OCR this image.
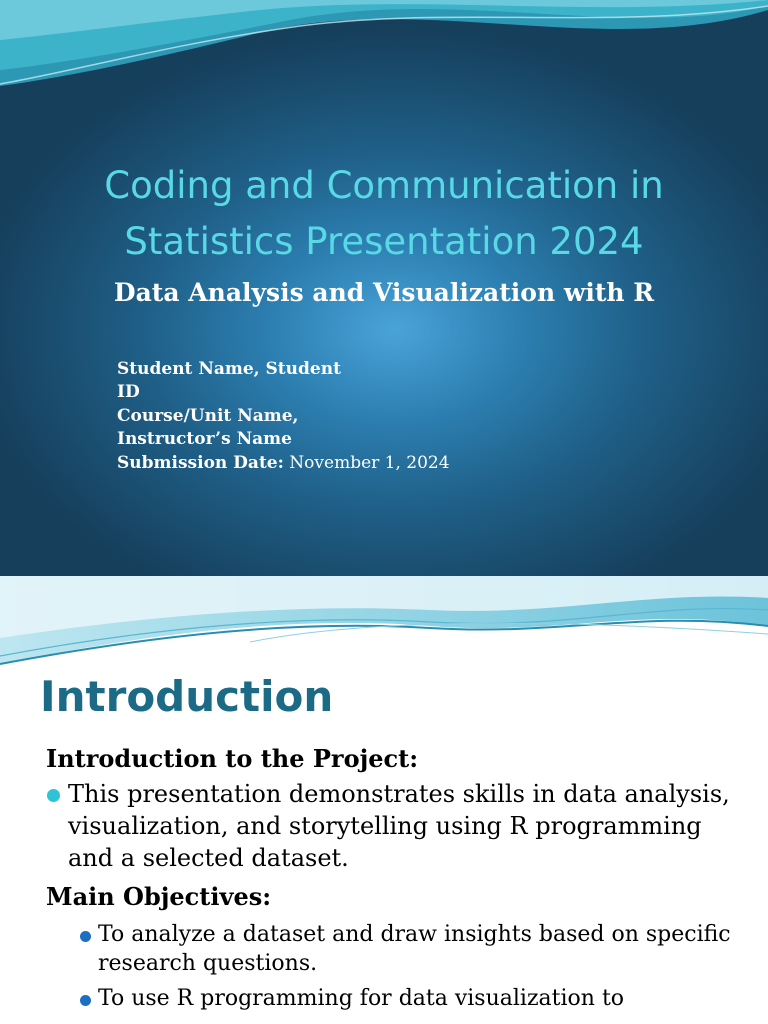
Coding and Communication in
Statistics Presentation 2024
Data Analysis and Visualization with R
Student Name, Student
ID
Course/Unit Name,
Instructor’s Name
Submission Date: November 1, 2024
Introduction
Introduction to the Project:
This presentation demonstrates skills in data analysis, visualization, and storytelling using R programming and a selected dataset.
Main Objectives:
To analyze a dataset and draw insights based on specific research questions.
To use R programming for data visualization to
